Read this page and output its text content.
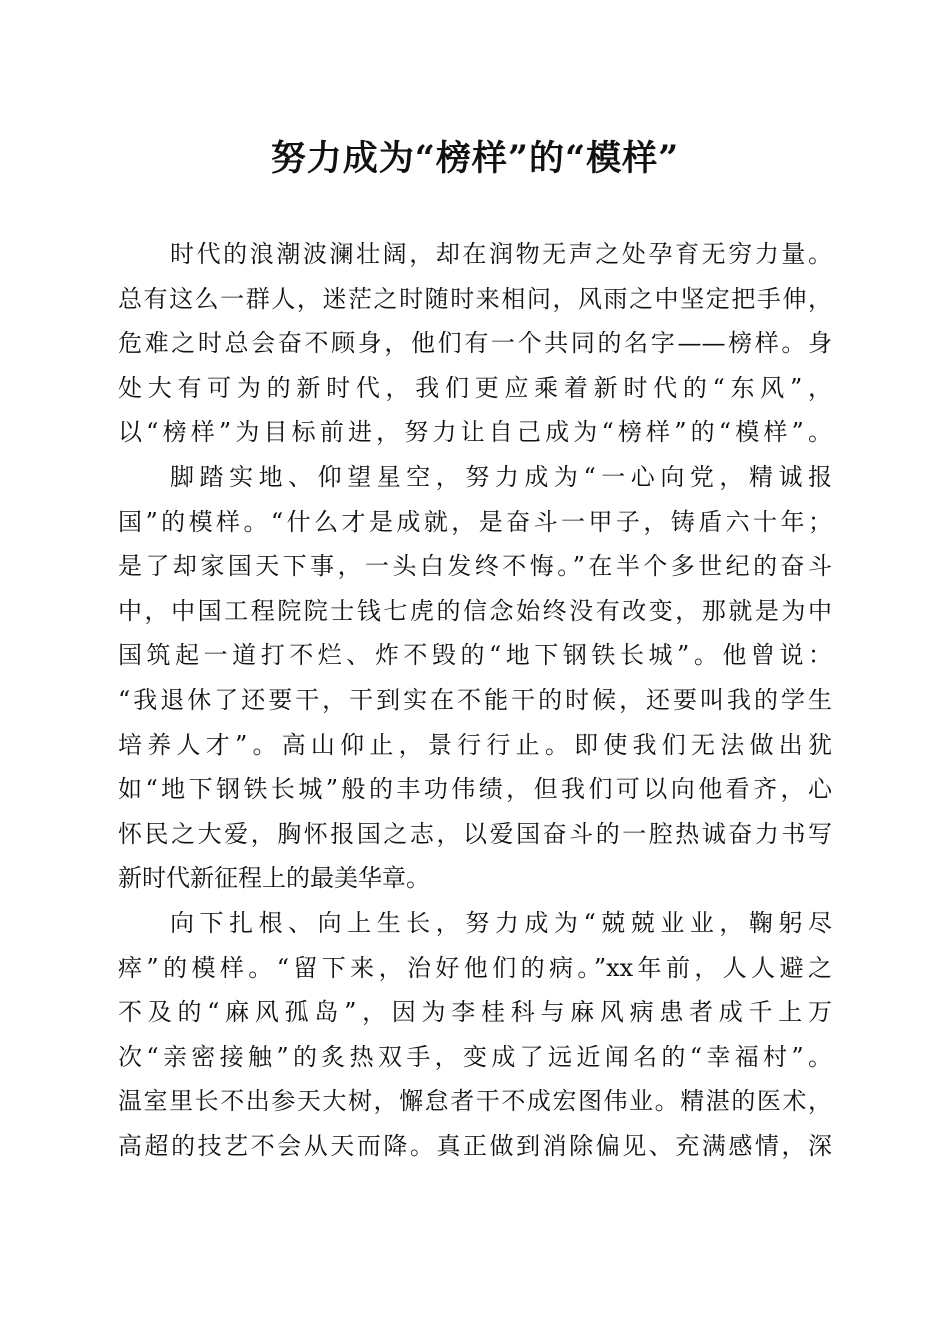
努力成为“榜样”的“模样”
时代的浪潮波澜壮阔，却在润物无声之处孕育无穷力量。
总有这么一群人，迷茫之时随时来相问，风雨之中坚定把手伸，
危难之时总会奋不顾身，他们有一个共同的名字——榜样。身
处大有可为的新时代，我们更应乘着新时代的“东风”，
以“榜样”为目标前进，努力让自己成为“榜样”的“模样”。
脚踏实地、仰望星空，努力成为“一心向党，精诚报
国”的模样。“什么才是成就，是奋斗一甲子，铸盾六十年；
是了却家国天下事，一头白发终不悔。”在半个多世纪的奋斗
中，中国工程院院士钱七虎的信念始终没有改变，那就是为中
国筑起一道打不烂、炸不毁的“地下钢铁长城”。他曾说：
“我退休了还要干，干到实在不能干的时候，还要叫我的学生
培养人才”。高山仰止，景行行止。即使我们无法做出犹
如“地下钢铁长城”般的丰功伟绩，但我们可以向他看齐，心
怀民之大爱，胸怀报国之志，以爱国奋斗的一腔热诚奋力书写
新时代新征程上的最美华章。
向下扎根、向上生长，努力成为“兢兢业业，鞠躬尽
瘁”的模样。“留下来，治好他们的病。”xx年前，人人避之
不及的“麻风孤岛”，因为李桂科与麻风病患者成千上万
次“亲密接触”的炙热双手，变成了远近闻名的“幸福村”。
温室里长不出参天大树，懈怠者干不成宏图伟业。精湛的医术，
高超的技艺不会从天而降。真正做到消除偏见、充满感情，深
